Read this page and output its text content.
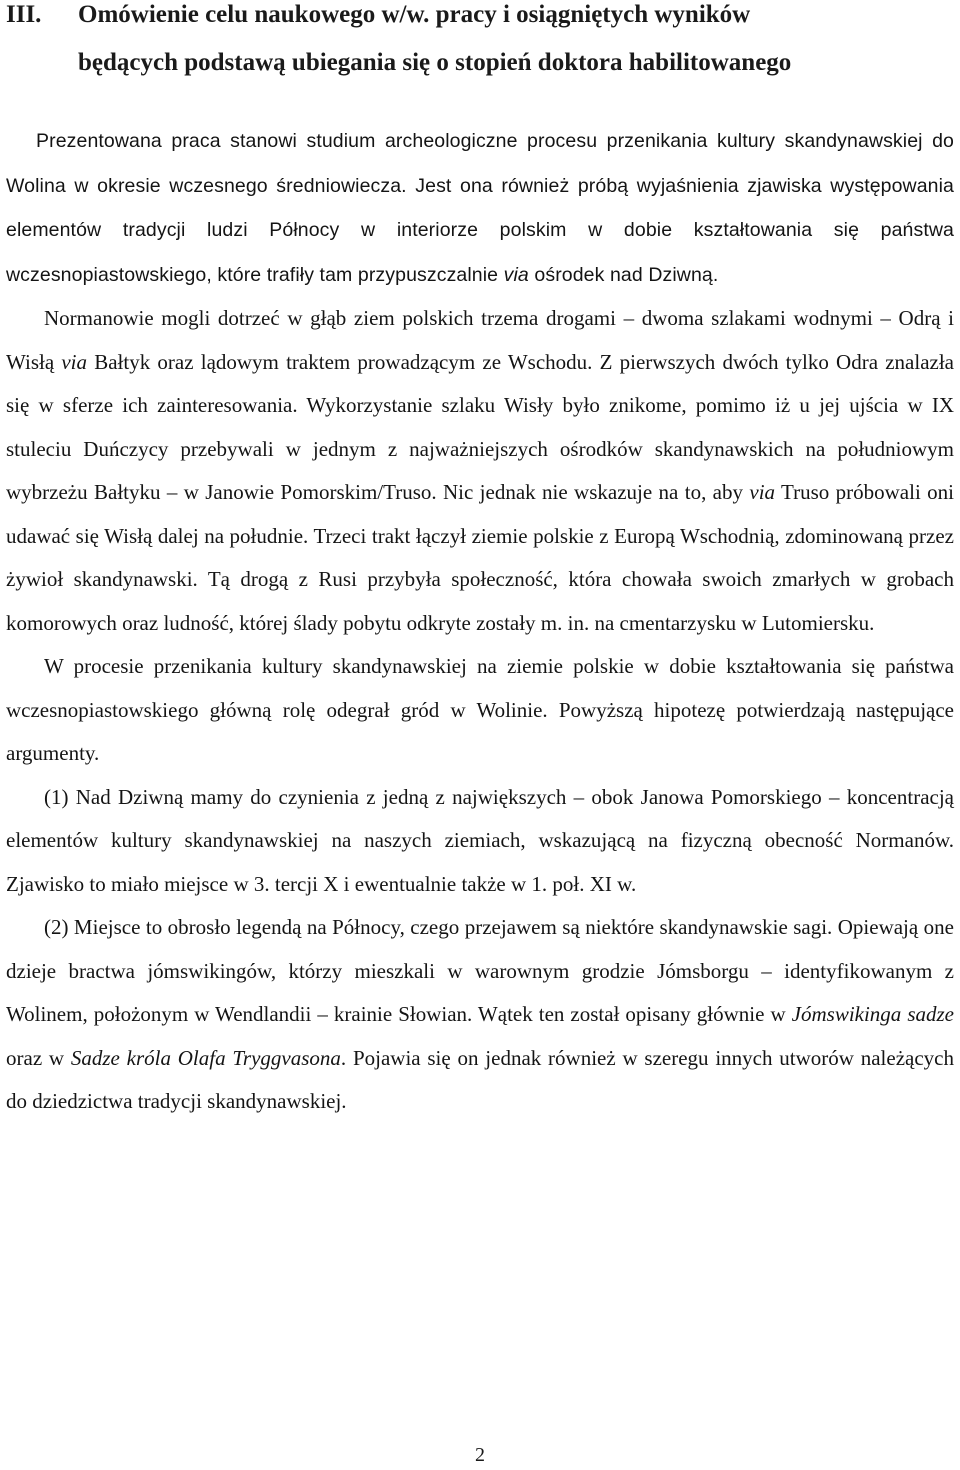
III. Omówienie celu naukowego w/w. pracy i osiągniętych wyników
będących podstawą ubiegania się o stopień doktora habilitowanego

Prezentowana praca stanowi studium archeologiczne procesu przenikania kultury skandynawskiej do Wolina w okresie wczesnego średniowiecza. Jest ona również próbą wyjaśnienia zjawiska występowania elementów tradycji ludzi Północy w interiorze polskim w dobie kształtowania się państwa wczesnopiastowskiego, które trafiły tam przypuszczalnie via ośrodek nad Dziwną.

Normanowie mogli dotrzeć w głąb ziem polskich trzema drogami – dwoma szlakami wodnymi – Odrą i Wisłą via Bałtyk oraz lądowym traktem prowadzącym ze Wschodu. Z pierwszych dwóch tylko Odra znalazła się w sferze ich zainteresowania. Wykorzystanie szlaku Wisły było znikome, pomimo iż u jej ujścia w IX stuleciu Duńczycy przebywali w jednym z najważniejszych ośrodków skandynawskich na południowym wybrzeżu Bałtyku – w Janowie Pomorskim/Truso. Nic jednak nie wskazuje na to, aby via Truso próbowali oni udawać się Wisłą dalej na południe. Trzeci trakt łączył ziemie polskie z Europą Wschodnią, zdominowaną przez żywioł skandynawski. Tą drogą z Rusi przybyła społeczność, która chowała swoich zmarłych w grobach komorowych oraz ludność, której ślady pobytu odkryte zostały m. in. na cmentarzysku w Lutomiersku.

W procesie przenikania kultury skandynawskiej na ziemie polskie w dobie kształtowania się państwa wczesnopiastowskiego główną rolę odegrał gród w Wolinie. Powyższą hipotezę potwierdzają następujące argumenty.

(1) Nad Dziwną mamy do czynienia z jedną z największych – obok Janowa Pomorskiego – koncentracją elementów kultury skandynawskiej na naszych ziemiach, wskazującą na fizyczną obecność Normanów. Zjawisko to miało miejsce w 3. tercji X i ewentualnie także w 1. poł. XI w.

(2) Miejsce to obrosło legendą na Północy, czego przejawem są niektóre skandynawskie sagi. Opiewają one dzieje bractwa jómswikingów, którzy mieszkali w warownym grodzie Jómsborgu – identyfikowanym z Wolinem, położonym w Wendlandii – krainie Słowian. Wątek ten został opisany głównie w Jómswikinga sadze oraz w Sadze króla Olafa Tryggvasona. Pojawia się on jednak również w szeregu innych utworów należących do dziedzictwa tradycji skandynawskiej.

2
